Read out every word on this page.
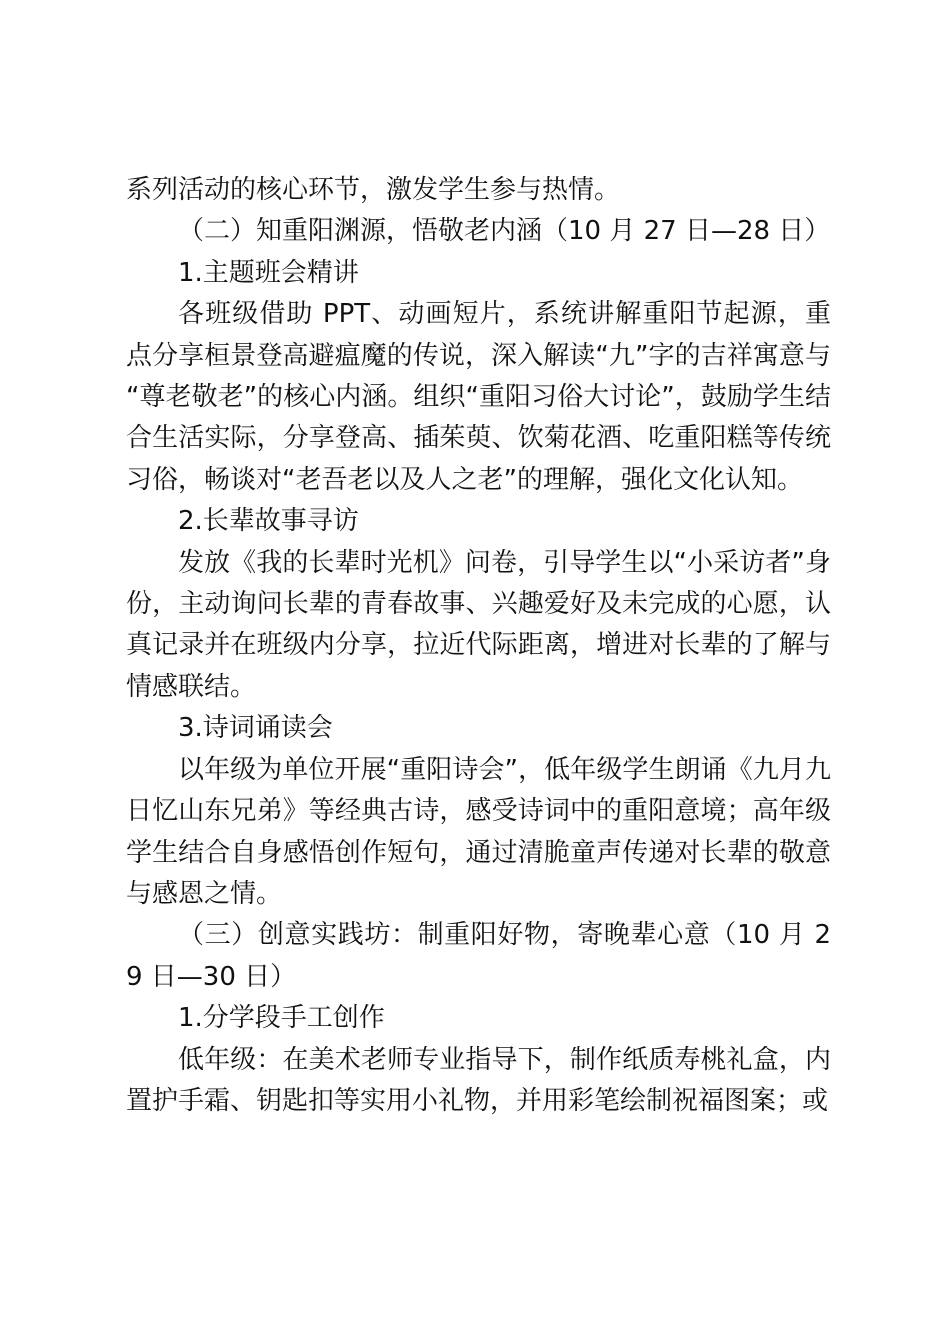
系列活动的核心环节，激发学生参与热情。

（二）知重阳渊源，悟敬老内涵（10 月 27 日—28 日）

1.主题班会精讲

各班级借助 PPT、动画短片，系统讲解重阳节起源，重点分享桓景登高避瘟魔的传说，深入解读“九”字的吉祥寓意与“尊老敬老”的核心内涵。组织“重阳习俗大讨论”，鼓励学生结合生活实际，分享登高、插茱萸、饮菊花酒、吃重阳糕等传统习俗，畅谈对“老吾老以及人之老”的理解，强化文化认知。

2.长辈故事寻访

发放《我的长辈时光机》问卷，引导学生以“小采访者”身份，主动询问长辈的青春故事、兴趣爱好及未完成的心愿，认真记录并在班级内分享，拉近代际距离，增进对长辈的了解与情感联结。

3.诗词诵读会

以年级为单位开展“重阳诗会”，低年级学生朗诵《九月九日忆山东兄弟》等经典古诗，感受诗词中的重阳意境；高年级学生结合自身感悟创作短句，通过清脆童声传递对长辈的敬意与感恩之情。

（三）创意实践坊：制重阳好物，寄晚辈心意（10 月 29 日—30 日）

1.分学段手工创作

低年级：在美术老师专业指导下，制作纸质寿桃礼盒，内置护手霜、钥匙扣等实用小礼物，并用彩笔绘制祝福图案；或
